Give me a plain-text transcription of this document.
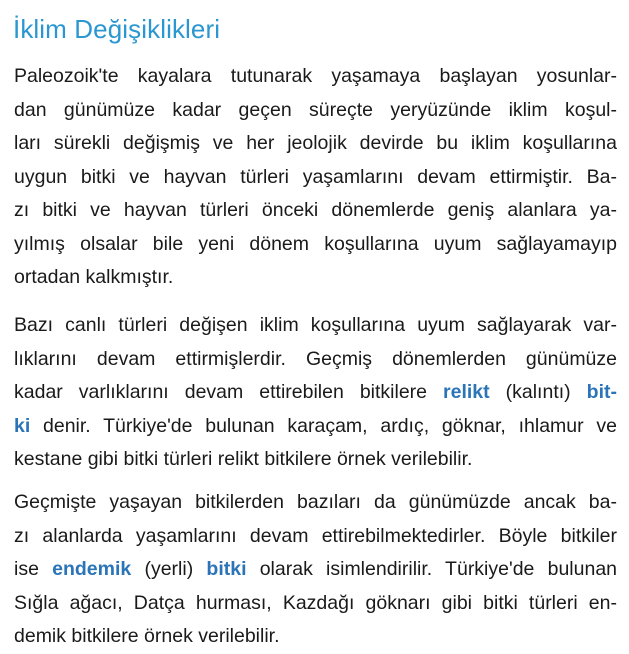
İklim Değişiklikleri
Paleozoik'te kayalara tutunarak yaşamaya başlayan yosunlar-
dan günümüze kadar geçen süreçte yeryüzünde iklim koşul-
ları sürekli değişmiş ve her jeolojik devirde bu iklim koşullarına
uygun bitki ve hayvan türleri yaşamlarını devam ettirmiştir. Ba-
zı bitki ve hayvan türleri önceki dönemlerde geniş alanlara ya-
yılmış olsalar bile yeni dönem koşullarına uyum sağlayamayıp
ortadan kalkmıştır.
Bazı canlı türleri değişen iklim koşullarına uyum sağlayarak var-
lıklarını devam ettirmişlerdir. Geçmiş dönemlerden günümüze
kadar varlıklarını devam ettirebilen bitkilere relikt (kalıntı) bit-
ki denir. Türkiye'de bulunan karaçam, ardıç, göknar, ıhlamur ve
kestane gibi bitki türleri relikt bitkilere örnek verilebilir.
Geçmişte yaşayan bitkilerden bazıları da günümüzde ancak ba-
zı alanlarda yaşamlarını devam ettirebilmektedirler. Böyle bitkiler
ise endemik (yerli) bitki olarak isimlendirilir. Türkiye'de bulunan
Sığla ağacı, Datça hurması, Kazdağı göknarı gibi bitki türleri en-
demik bitkilere örnek verilebilir.
